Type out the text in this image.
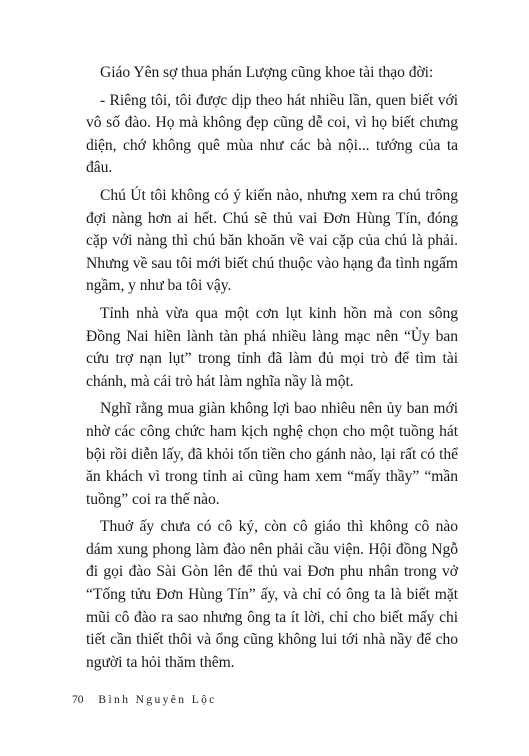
Giáo Yên sợ thua phán Lượng cũng khoe tài thạo đời:

- Riêng tôi, tôi được dịp theo hát nhiều lần, quen biết với vô số đào. Họ mà không đẹp cũng dễ coi, vì họ biết chưng diện, chớ không quê mùa như các bà nội... tướng của ta đâu.

Chú Út tôi không có ý kiến nào, nhưng xem ra chú trông đợi nàng hơn ai hết. Chú sẽ thủ vai Đơn Hùng Tín, đóng cặp với nàng thì chú băn khoăn về vai cặp của chú là phải. Nhưng về sau tôi mới biết chú thuộc vào hạng đa tình ngấm ngầm, y như ba tôi vậy.

Tỉnh nhà vừa qua một cơn lụt kinh hồn mà con sông Đồng Nai hiền lành tàn phá nhiều làng mạc nên “Ủy ban cứu trợ nạn lụt” trong tỉnh đã làm đủ mọi trò để tìm tài chánh, mà cái trò hát làm nghĩa nầy là một.

Nghĩ rằng mua giàn không lợi bao nhiêu nên ủy ban mới nhờ các công chức ham kịch nghệ chọn cho một tuồng hát bội rồi diễn lấy, đã khỏi tốn tiền cho gánh nào, lại rất có thể ăn khách vì trong tỉnh ai cũng ham xem “mấy thầy” “mần tuồng” coi ra thế nào.

Thuở ấy chưa có cô ký, còn cô giáo thì không cô nào dám xung phong làm đào nên phải cầu viện. Hội đồng Ngỗ đi gọi đào Sài Gòn lên để thủ vai Đơn phu nhân trong vở “Tống tửu Đơn Hùng Tín” ấy, và chỉ có ông ta là biết mặt mũi cô đào ra sao nhưng ông ta ít lời, chỉ cho biết mấy chi tiết cần thiết thôi và ổng cũng không lui tới nhà nầy để cho người ta hỏi thăm thêm.

70 Bình Nguyên Lộc
